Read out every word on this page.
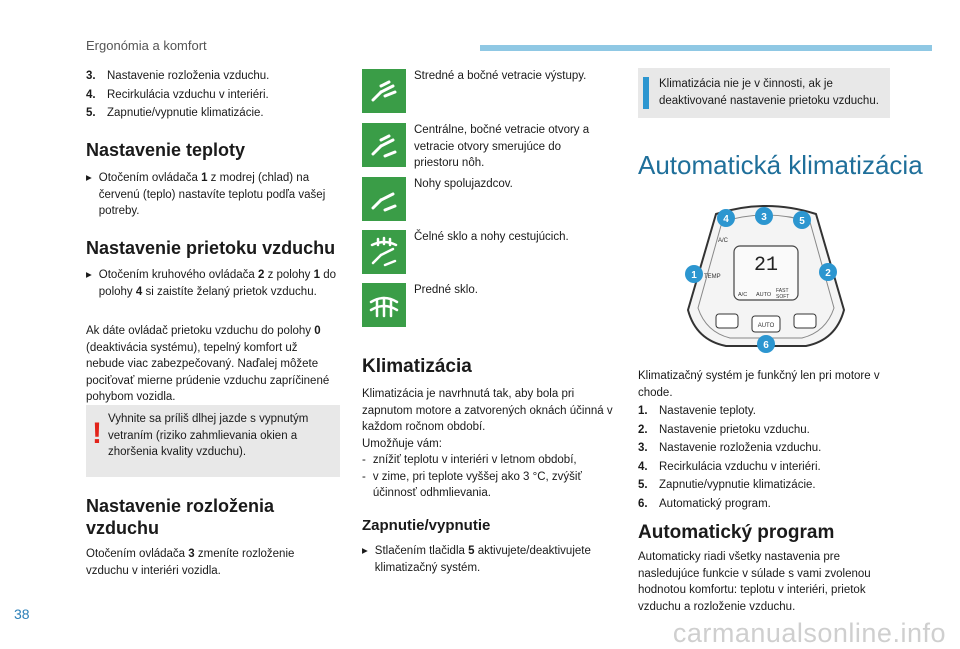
Ergonómia a komfort
3. Nastavenie rozloženia vzduchu.
4. Recirkulácia vzduchu v interiéri.
5. Zapnutie/vypnutie klimatizácie.
Nastavenie teploty
▸ Otočením ovládača 1 z modrej (chlad) na červenú (teplo) nastavíte teplotu podľa vašej potreby.
Nastavenie prietoku vzduchu
▸ Otočením kruhového ovládača 2 z polohy 1 do polohy 4 si zaistíte želaný prietok vzduchu.
Ak dáte ovládač prietoku vzduchu do polohy 0 (deaktivácia systému), tepelný komfort už nebude viac zabezpečovaný. Naďalej môžete pociťovať mierne prúdenie vzduchu zapríčinené pohybom vozidla.
! Vyhnite sa príliš dlhej jazde s vypnutým vetraním (riziko zahmlievania okien a zhoršenia kvality vzduchu).
Nastavenie rozloženia vzduchu
Otočením ovládača 3 zmeníte rozloženie vzduchu v interiéri vozidla.
Stredné a bočné vetracie výstupy.
Centrálne, bočné vetracie otvory a vetracie otvory smerujúce do priestoru nôh.
Nohy spolujazdcov.
Čelné sklo a nohy cestujúcich.
Predné sklo.
Klimatizácia
Klimatizácia je navrhnutá tak, aby bola pri zapnutom motore a zatvorených oknách účinná v každom ročnom období.
Umožňuje vám:
- znížiť teplotu v interiéri v letnom období,
- v zime, pri teplote vyššej ako 3 °C, zvýšiť účinnosť odhmlievania.
Zapnutie/vypnutie
▸ Stlačením tlačidla 5 aktivujete/deaktivujete klimatizačný systém.
Klimatizácia nie je v činnosti, ak je deaktivované nastavenie prietoku vzduchu.
Automatická klimatizácia
21
A/C
TEMP
A/C AUTO
FAST
SOFT
AUTO
4	3	5
1	2
6
Klimatizačný systém je funkčný len pri motore v chode.
1. Nastavenie teploty.
2. Nastavenie prietoku vzduchu.
3. Nastavenie rozloženia vzduchu.
4. Recirkulácia vzduchu v interiéri.
5. Zapnutie/vypnutie klimatizácie.
6. Automatický program.
Automatický program
Automaticky riadi všetky nastavenia pre nasledujúce funkcie v súlade s vami zvolenou hodnotou komfortu: teplotu v interiéri, prietok vzduchu a rozloženie vzduchu.
38
carmanualsonline.info
